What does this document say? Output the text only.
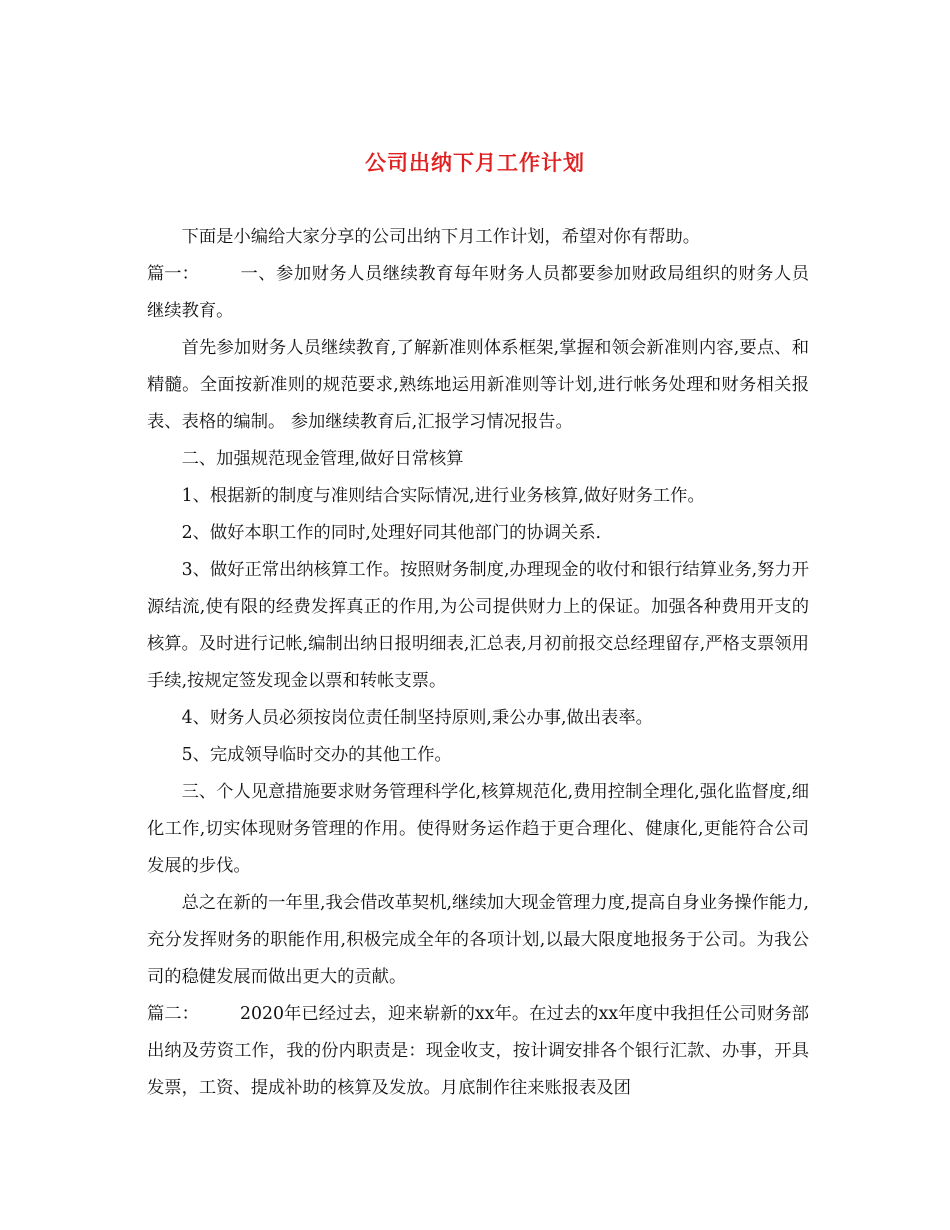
公司出纳下月工作计划

下面是小编给大家分享的公司出纳下月工作计划，希望对你有帮助。

篇一： 一、参加财务人员继续教育每年财务人员都要参加财政局组织的财务人员继续教育。

首先参加财务人员继续教育,了解新准则体系框架,掌握和领会新准则内容,要点、和精髓。全面按新准则的规范要求,熟练地运用新准则等计划,进行帐务处理和财务相关报表、表格的编制。 参加继续教育后,汇报学习情况报告。

二、加强规范现金管理,做好日常核算

1、根据新的制度与准则结合实际情况,进行业务核算,做好财务工作。

2、做好本职工作的同时,处理好同其他部门的协调关系.

3、做好正常出纳核算工作。按照财务制度,办理现金的收付和银行结算业务,努力开源结流,使有限的经费发挥真正的作用,为公司提供财力上的保证。加强各种费用开支的核算。及时进行记帐,编制出纳日报明细表,汇总表,月初前报交总经理留存,严格支票领用手续,按规定签发现金以票和转帐支票。

4、财务人员必须按岗位责任制坚持原则,秉公办事,做出表率。

5、完成领导临时交办的其他工作。

三、个人见意措施要求财务管理科学化,核算规范化,费用控制全理化,强化监督度,细化工作,切实体现财务管理的作用。使得财务运作趋于更合理化、健康化,更能符合公司发展的步伐。

总之在新的一年里,我会借改革契机,继续加大现金管理力度,提高自身业务操作能力,充分发挥财务的职能作用,积极完成全年的各项计划,以最大限度地报务于公司。为我公司的稳健发展而做出更大的贡献。

篇二： 2020年已经过去，迎来崭新的xx年。在过去的xx年度中我担任公司财务部出纳及劳资工作，我的份内职责是：现金收支，按计调安排各个银行汇款、办事，开具发票，工资、提成补助的核算及发放。月底制作往来账报表及团
